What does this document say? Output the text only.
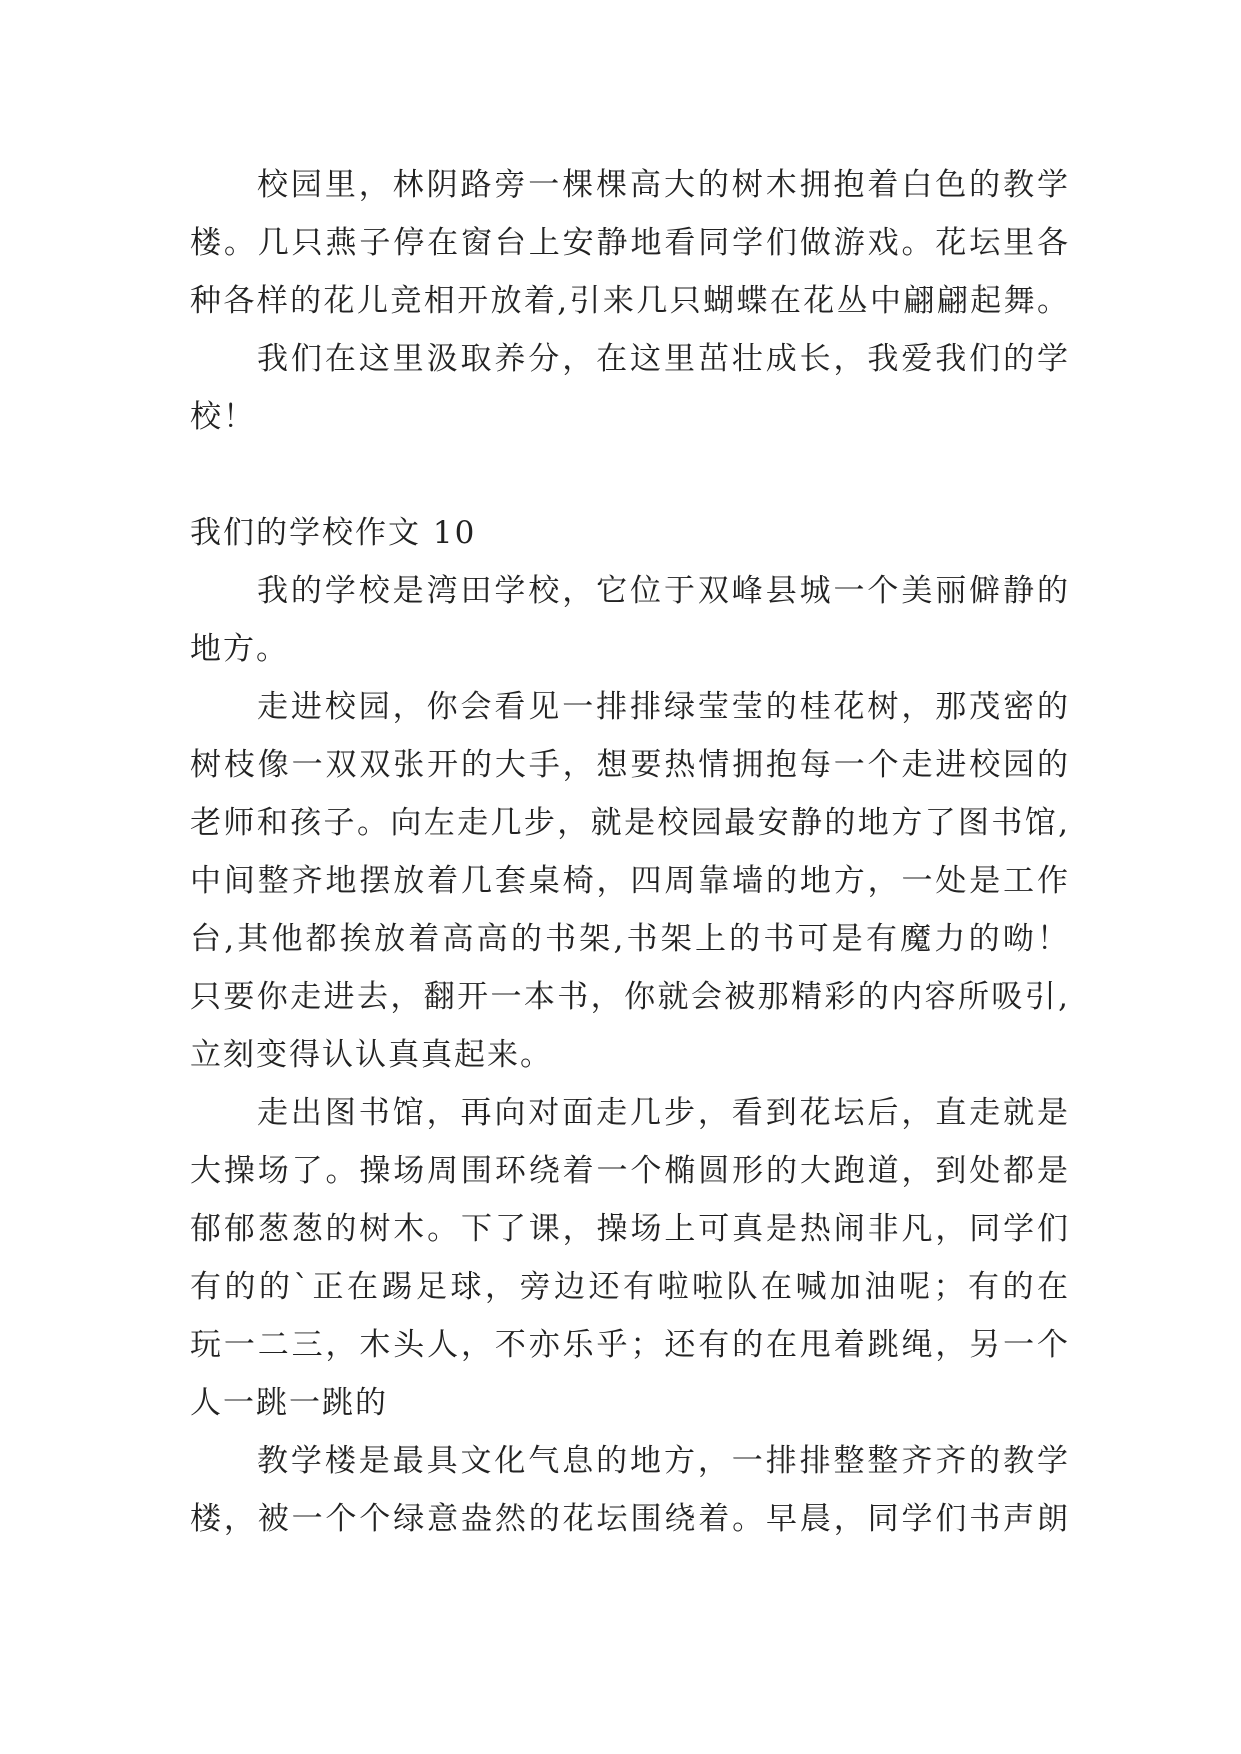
校园里，林阴路旁一棵棵高大的树木拥抱着白色的教学
楼。几只燕子停在窗台上安静地看同学们做游戏。花坛里各
种各样的花儿竞相开放着,引来几只蝴蝶在花丛中翩翩起舞。
我们在这里汲取养分，在这里茁壮成长，我爱我们的学
校！
我们的学校作文 10
我的学校是湾田学校，它位于双峰县城一个美丽僻静的
地方。
走进校园，你会看见一排排绿莹莹的桂花树，那茂密的
树枝像一双双张开的大手，想要热情拥抱每一个走进校园的
老师和孩子。向左走几步，就是校园最安静的地方了图书馆,
中间整齐地摆放着几套桌椅，四周靠墙的地方，一处是工作
台,其他都挨放着高高的书架,书架上的书可是有魔力的呦！
只要你走进去，翻开一本书，你就会被那精彩的内容所吸引,
立刻变得认认真真起来。
走出图书馆，再向对面走几步，看到花坛后，直走就是
大操场了。操场周围环绕着一个椭圆形的大跑道，到处都是
郁郁葱葱的树木。下了课，操场上可真是热闹非凡，同学们
有的的`正在踢足球，旁边还有啦啦队在喊加油呢；有的在
玩一二三，木头人，不亦乐乎；还有的在甩着跳绳，另一个
人一跳一跳的
教学楼是最具文化气息的地方，一排排整整齐齐的教学
楼，被一个个绿意盎然的花坛围绕着。早晨，同学们书声朗
